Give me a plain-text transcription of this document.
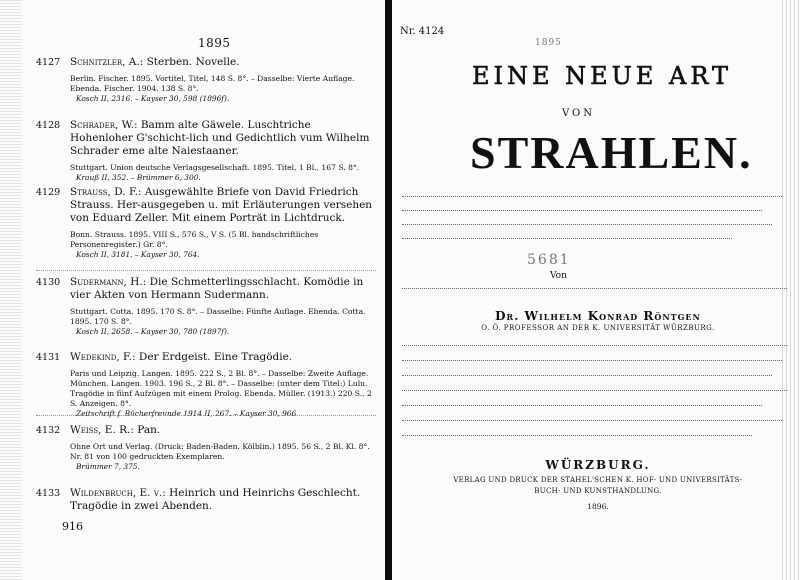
1895
4127 Schnitzler, A.: Sterben. Novelle.
Berlin. Fischer. 1895. Vortitel, Titel, 148 S. 8°. – Dasselbe: Vierte Auflage. Ebenda. Fischer. 1904. 138 S. 8°.
Kosch II, 2316. – Kayser 30, 598 (1896f).
4128 Schrader, W.: Bamm alte Gäwele. Luschtriche Hohenloher G'schicht-lich und Gedichtlich vum Wilhelm Schrader eme alte Naiestaaner.
Stuttgart. Union deutsche Verlagsgesellschaft. 1895. Titel, 1 Bl., 167 S. 8°.
Krauß II, 352. – Brümmer 6, 300.
4129 Strauss, D. F.: Ausgewählte Briefe von David Friedrich Strauss. Her-ausgegeben u. mit Erläuterungen versehen von Eduard Zeller. Mit einem Porträt in Lichtdruck.
Bonn. Strauss. 1895. VIII S., 576 S., V S. (5 Bl. handschriftliches Personenregister.) Gr. 8°.
Kosch II, 3181. – Kayser 30, 764.
4130 Sudermann, H.: Die Schmetterlingsschlacht. Komödie in vier Akten von Hermann Sudermann.
Stuttgart. Cotta. 1895. 170 S. 8°. – Dasselbe: Fünfte Auflage. Ebenda. Cotta. 1895. 170 S. 8°.
Kosch II, 2658. – Kayser 30, 780 (1897f).
4131 Wedekind, F.: Der Erdgeist. Eine Tragödie.
Paris und Leipzig. Langen. 1895. 222 S., 2 Bl. 8°. – Dasselbe: Zweite Auflage. München. Langen. 1903. 196 S., 2 Bl. 8°. – Dasselbe: (unter dem Titel:) Lulu. Tragödie in fünf Aufzügen mit einem Prolog. Ebenda. Müller. (1913.) 220 S., 2 S. Anzeigen. 8°.
Zeitschrift f. Bücherfreunde 1914 II, 267. – Kayser 30, 966.
4132 Weiss, E. R.: Pan.
Ohne Ort und Verlag. (Druck: Baden-Baden. Kölblin.) 1895. 56 S., 2 Bl. Kl. 8°. Nr. 81 von 100 gedruckten Exemplaren.
Brümmer 7, 375.
4133 Wildenbruch, E. v.: Heinrich und Heinrichs Geschlecht. Tragödie in zwei Abenden.
916
Nr. 4124
1895
EINE NEUE ART
VON
STRAHLEN.
5681
Von
Dr. Wilhelm Konrad Röntgen
O. Ö. PROFESSOR AN DER K. UNIVERSITÄT WÜRZBURG.
WÜRZBURG.
VERLAG UND DRUCK DER STAHEL'SCHEN K. HOF- UND UNIVERSITÄTS-
BUCH- UND KUNSTHANDLUNG.
1896.
